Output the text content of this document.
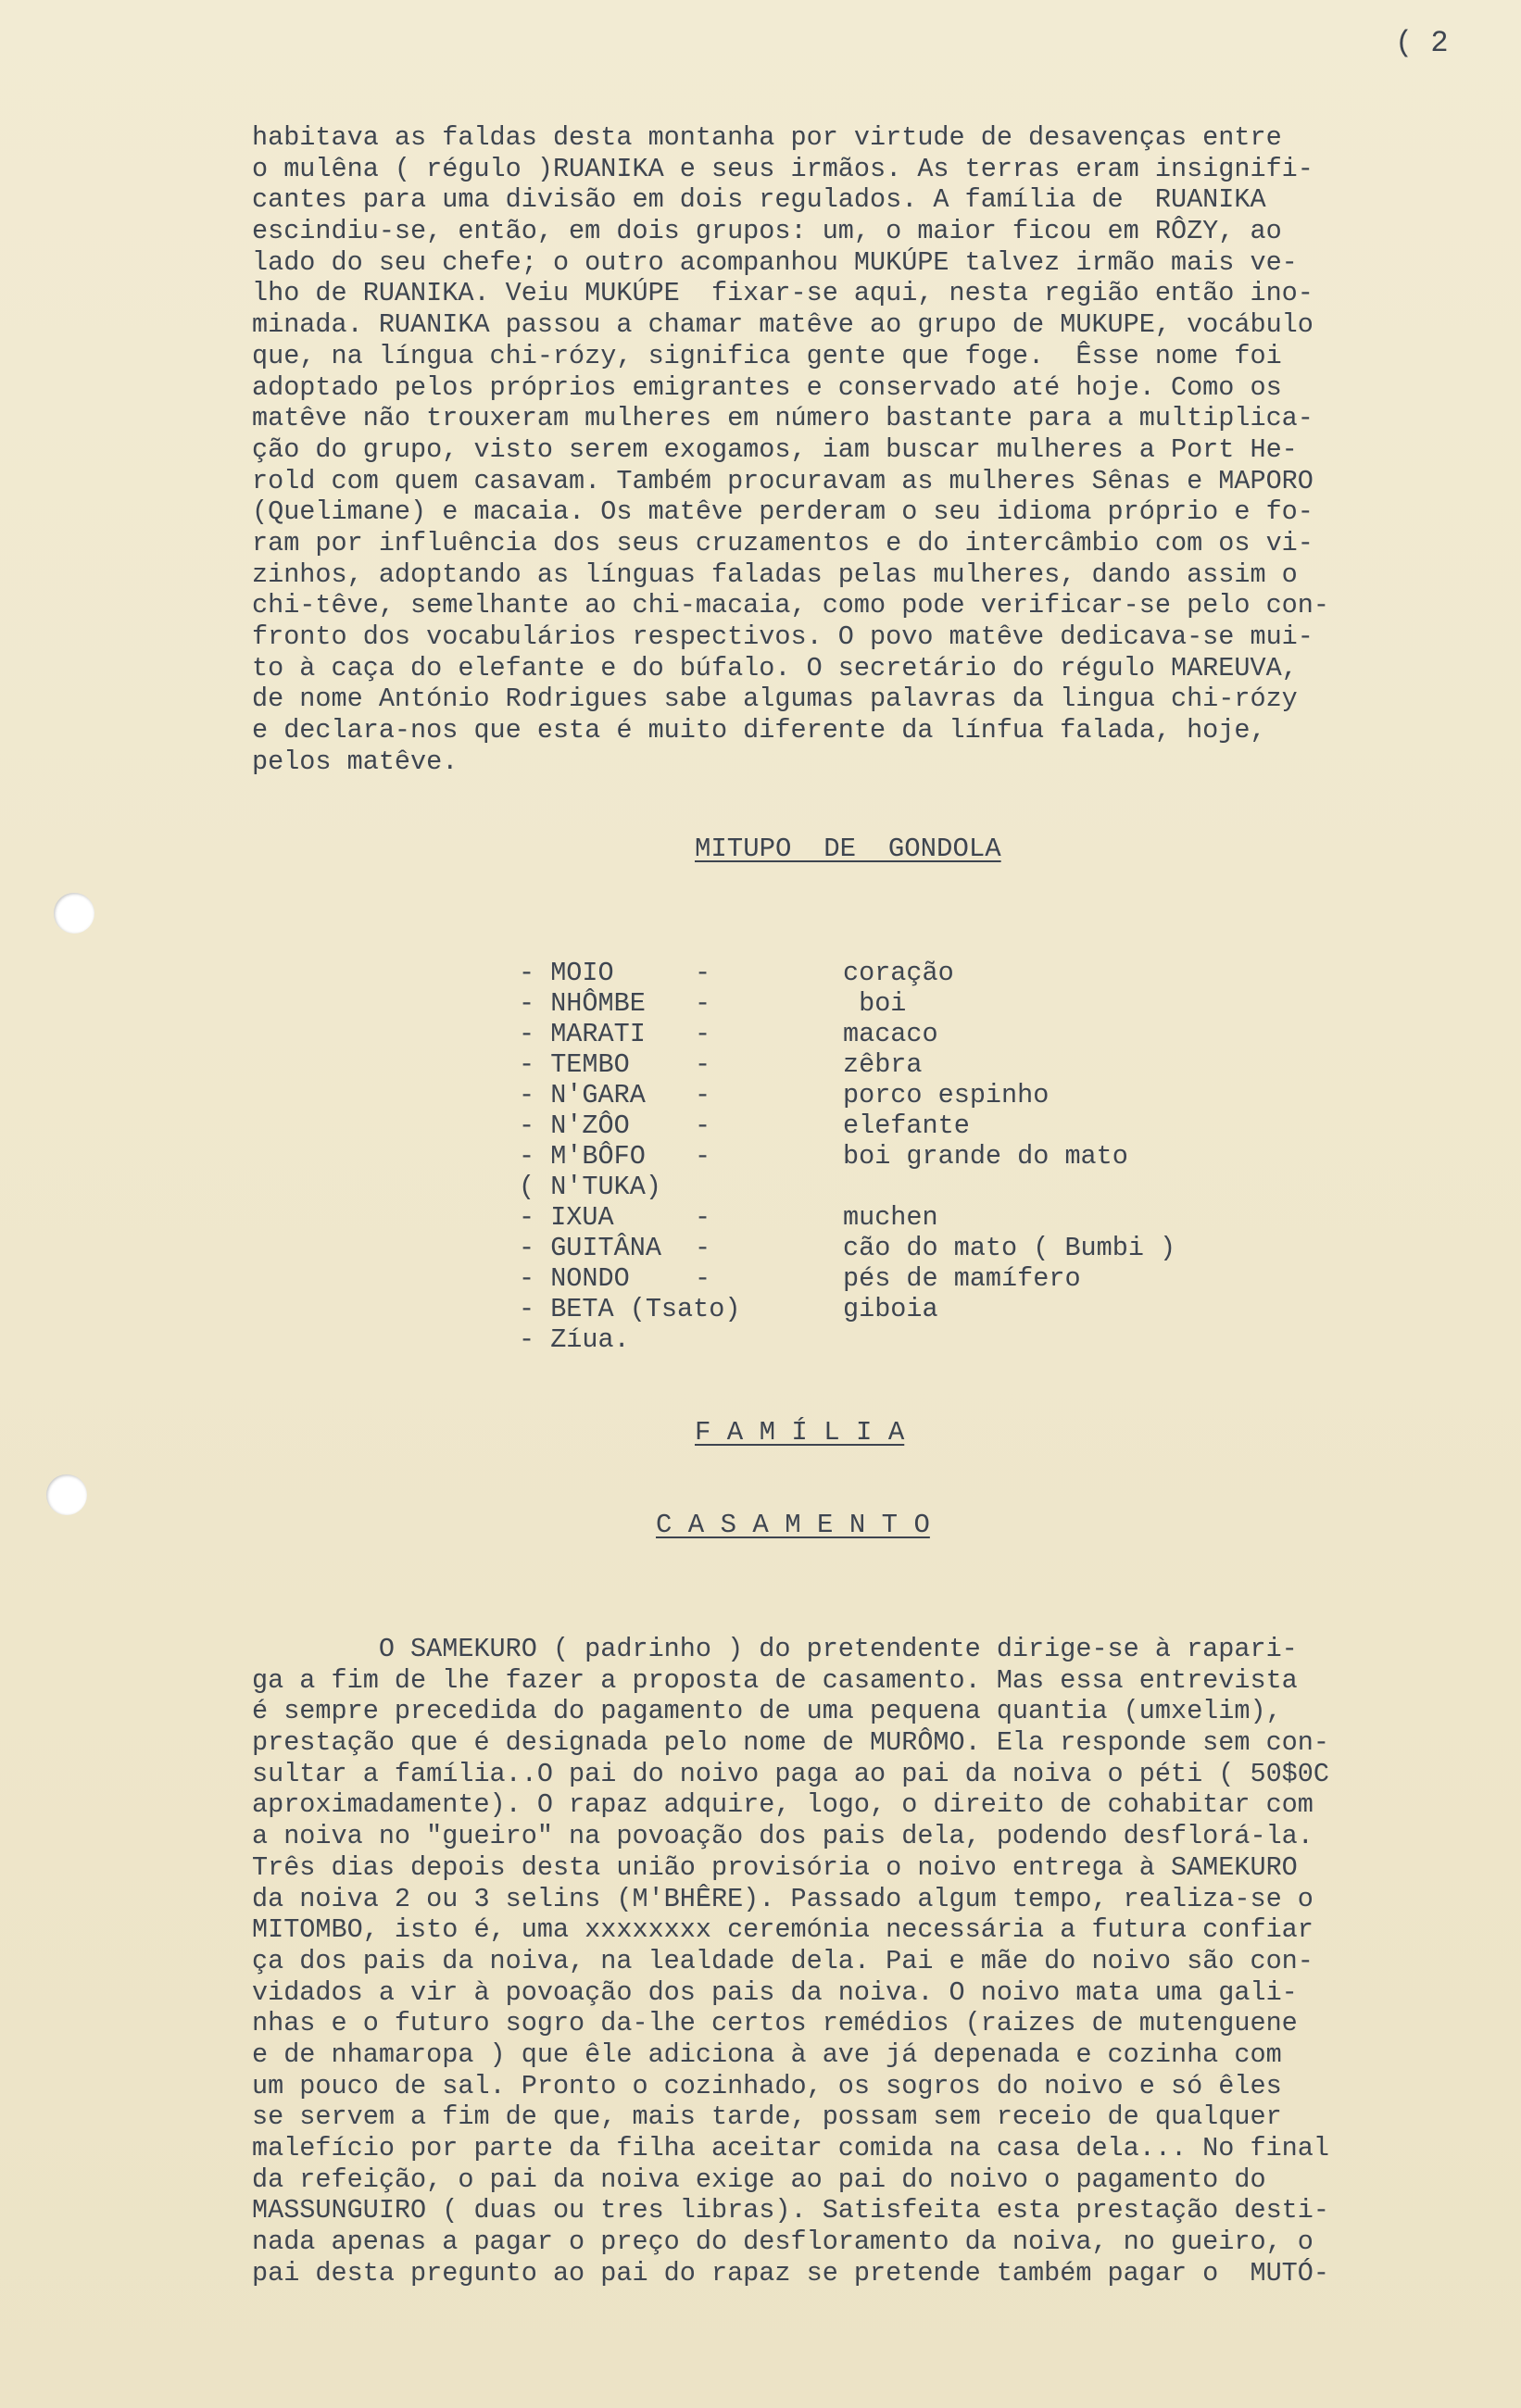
( 2
habitava as faldas desta montanha por virtude de desavenças entre
o mulêna ( régulo )RUANIKA e seus irmãos. As terras eram insignifi-
cantes para uma divisão em dois regulados. A família de  RUANIKA
escindiu-se, então, em dois grupos: um, o maior ficou em RÔZY, ao
lado do seu chefe; o outro acompanhou MUKÚPE talvez irmão mais ve-
lho de RUANIKA. Veiu MUKÚPE  fixar-se aqui, nesta região então ino-
minada. RUANIKA passou a chamar matêve ao grupo de MUKUPE, vocábulo
que, na língua chi-rózy, significa gente que foge.  Êsse nome foi
adoptado pelos próprios emigrantes e conservado até hoje. Como os
matêve não trouxeram mulheres em número bastante para a multiplica-
ção do grupo, visto serem exogamos, iam buscar mulheres a Port He-
rold com quem casavam. Também procuravam as mulheres Sênas e MAPORO
(Quelimane) e macaia. Os matêve perderam o seu idioma próprio e fo-
ram por influência dos seus cruzamentos e do intercâmbio com os vi-
zinhos, adoptando as línguas faladas pelas mulheres, dando assim o
chi-têve, semelhante ao chi-macaia, como pode verificar-se pelo con-
fronto dos vocabulários respectivos. O povo matêve dedicava-se mui-
to à caça do elefante e do búfalo. O secretário do régulo MAREUVA,
de nome António Rodrigues sabe algumas palavras da lingua chi-rózy
e declara-nos que esta é muito diferente da línfua falada, hoje,
pelos matêve.
MITUPO  DE  GONDOLA
- MOIO	-	coração
- NHÔMBE -	boi
- MARATI -	macaco
- TEMBO -	zêbra
- N'GARA -	porco espinho
- N'ZÔO -	elefante
- M'BÔFO -	boi grande do mato
( N'TUKA)
- IXUA	-	muchen
- GUITÂNA -	cão do mato ( Bumbi )
- NONDO -	pés de mamífero
- BETA (Tsato)	giboia
- Zíua.
F A M Í L I A
C A S A M E N T O
O SAMEKURO ( padrinho ) do pretendente dirige-se à rapari-
ga a fim de lhe fazer a proposta de casamento. Mas essa entrevista
é sempre precedida do pagamento de uma pequena quantia (umxelim),
prestação que é designada pelo nome de MURÔMO. Ela responde sem con-
sultar a família..O pai do noivo paga ao pai da noiva o péti ( 50$0C
aproximadamente). O rapaz adquire, logo, o direito de cohabitar com
a noiva no "gueiro" na povoação dos pais dela, podendo desflorá-la.
Três dias depois desta união provisória o noivo entrega à SAMEKURO
da noiva 2 ou 3 selins (M'BHÊRE). Passado algum tempo, realiza-se o
MITOMBO, isto é, uma xxxxxxxx ceremónia necessária a futura confiar
ça dos pais da noiva, na lealdade dela. Pai e mãe do noivo são con-
vidados a vir à povoação dos pais da noiva. O noivo mata uma gali-
nhas e o futuro sogro da-lhe certos remédios (raizes de mutenguene
e de nhamaropa ) que êle adiciona à ave já depenada e cozinha com
um pouco de sal. Pronto o cozinhado, os sogros do noivo e só êles
se servem a fim de que, mais tarde, possam sem receio de qualquer
malefício por parte da filha aceitar comida na casa dela... No final
da refeição, o pai da noiva exige ao pai do noivo o pagamento do
MASSUNGUIRO ( duas ou tres libras). Satisfeita esta prestação desti-
nada apenas a pagar o preço do desfloramento da noiva, no gueiro, o
pai desta pregunto ao pai do rapaz se pretende também pagar o  MUTÓ-
